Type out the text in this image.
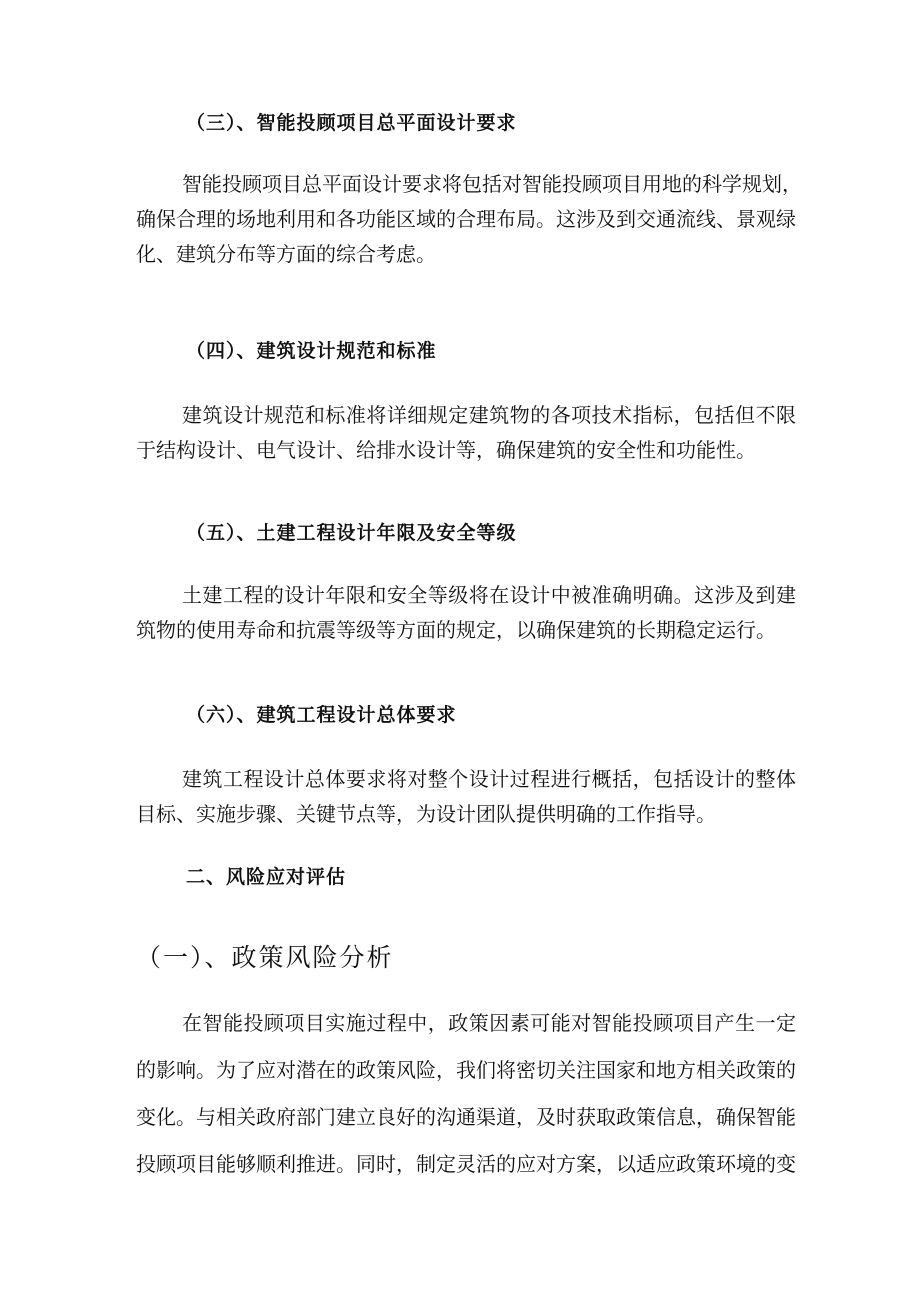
（三）、智能投顾项目总平面设计要求
智能投顾项目总平面设计要求将包括对智能投顾项目用地的科学规划，
确保合理的场地利用和各功能区域的合理布局。这涉及到交通流线、景观绿
化、建筑分布等方面的综合考虑。
（四）、建筑设计规范和标准
建筑设计规范和标准将详细规定建筑物的各项技术指标，包括但不限
于结构设计、电气设计、给排水设计等，确保建筑的安全性和功能性。
（五）、土建工程设计年限及安全等级
土建工程的设计年限和安全等级将在设计中被准确明确。这涉及到建
筑物的使用寿命和抗震等级等方面的规定，以确保建筑的长期稳定运行。
（六）、建筑工程设计总体要求
建筑工程设计总体要求将对整个设计过程进行概括，包括设计的整体
目标、实施步骤、关键节点等，为设计团队提供明确的工作指导。
二、风险应对评估
（一）、政策风险分析
在智能投顾项目实施过程中，政策因素可能对智能投顾项目产生一定
的影响。为了应对潜在的政策风险，我们将密切关注国家和地方相关政策的
变化。与相关政府部门建立良好的沟通渠道，及时获取政策信息，确保智能
投顾项目能够顺利推进。同时，制定灵活的应对方案，以适应政策环境的变
